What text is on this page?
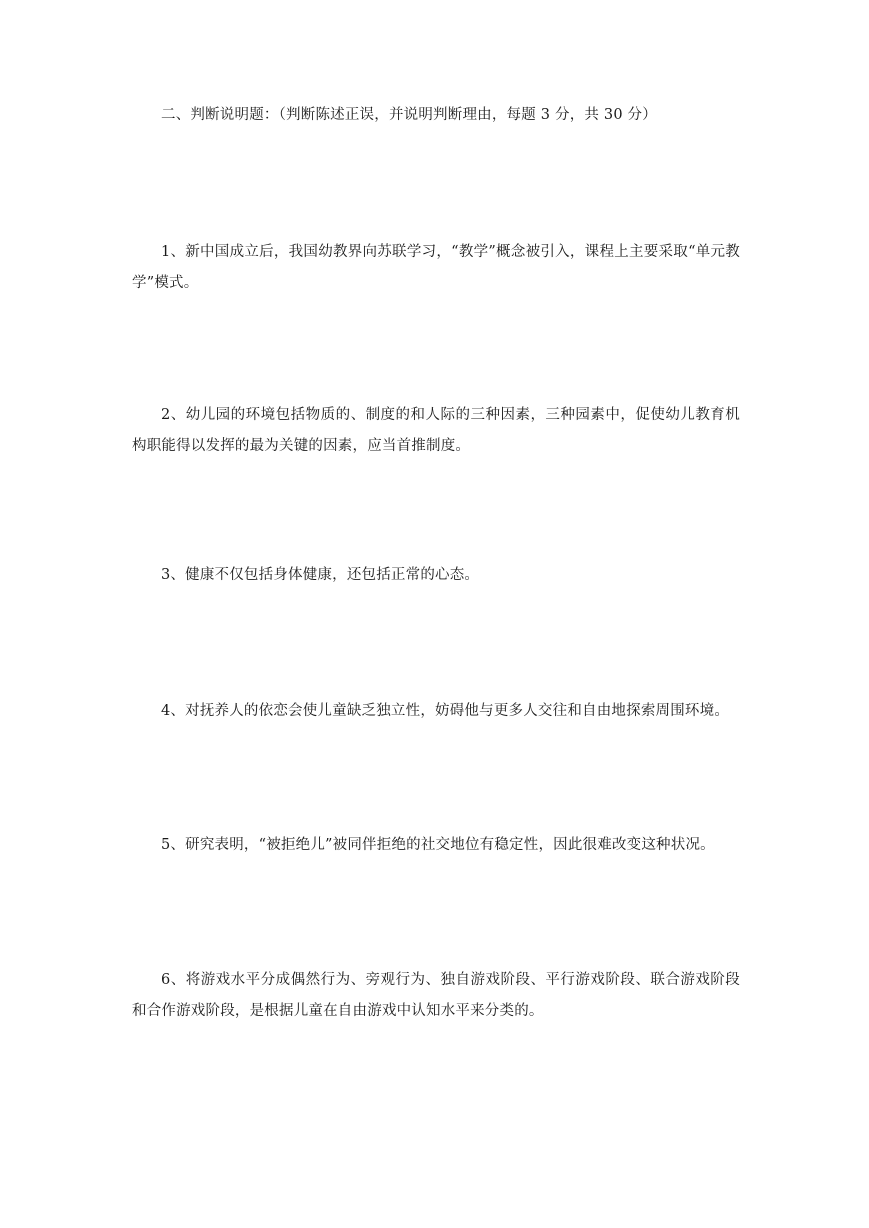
二、判断说明题：（判断陈述正误，并说明判断理由，每题 3 分，共 30 分）

1、新中国成立后，我国幼教界向苏联学习，“教学”概念被引入，课程上主要采取“单元教学”模式。

2、幼儿园的环境包括物质的、制度的和人际的三种因素，三种园素中，促使幼儿教育机构职能得以发挥的最为关键的因素，应当首推制度。

3、健康不仅包括身体健康，还包括正常的心态。

4、对抚养人的依恋会使儿童缺乏独立性，妨碍他与更多人交往和自由地探索周围环境。

5、研究表明，“被拒绝儿”被同伴拒绝的社交地位有稳定性，因此很难改变这种状况。

6、将游戏水平分成偶然行为、旁观行为、独自游戏阶段、平行游戏阶段、联合游戏阶段和合作游戏阶段，是根据儿童在自由游戏中认知水平来分类的。
